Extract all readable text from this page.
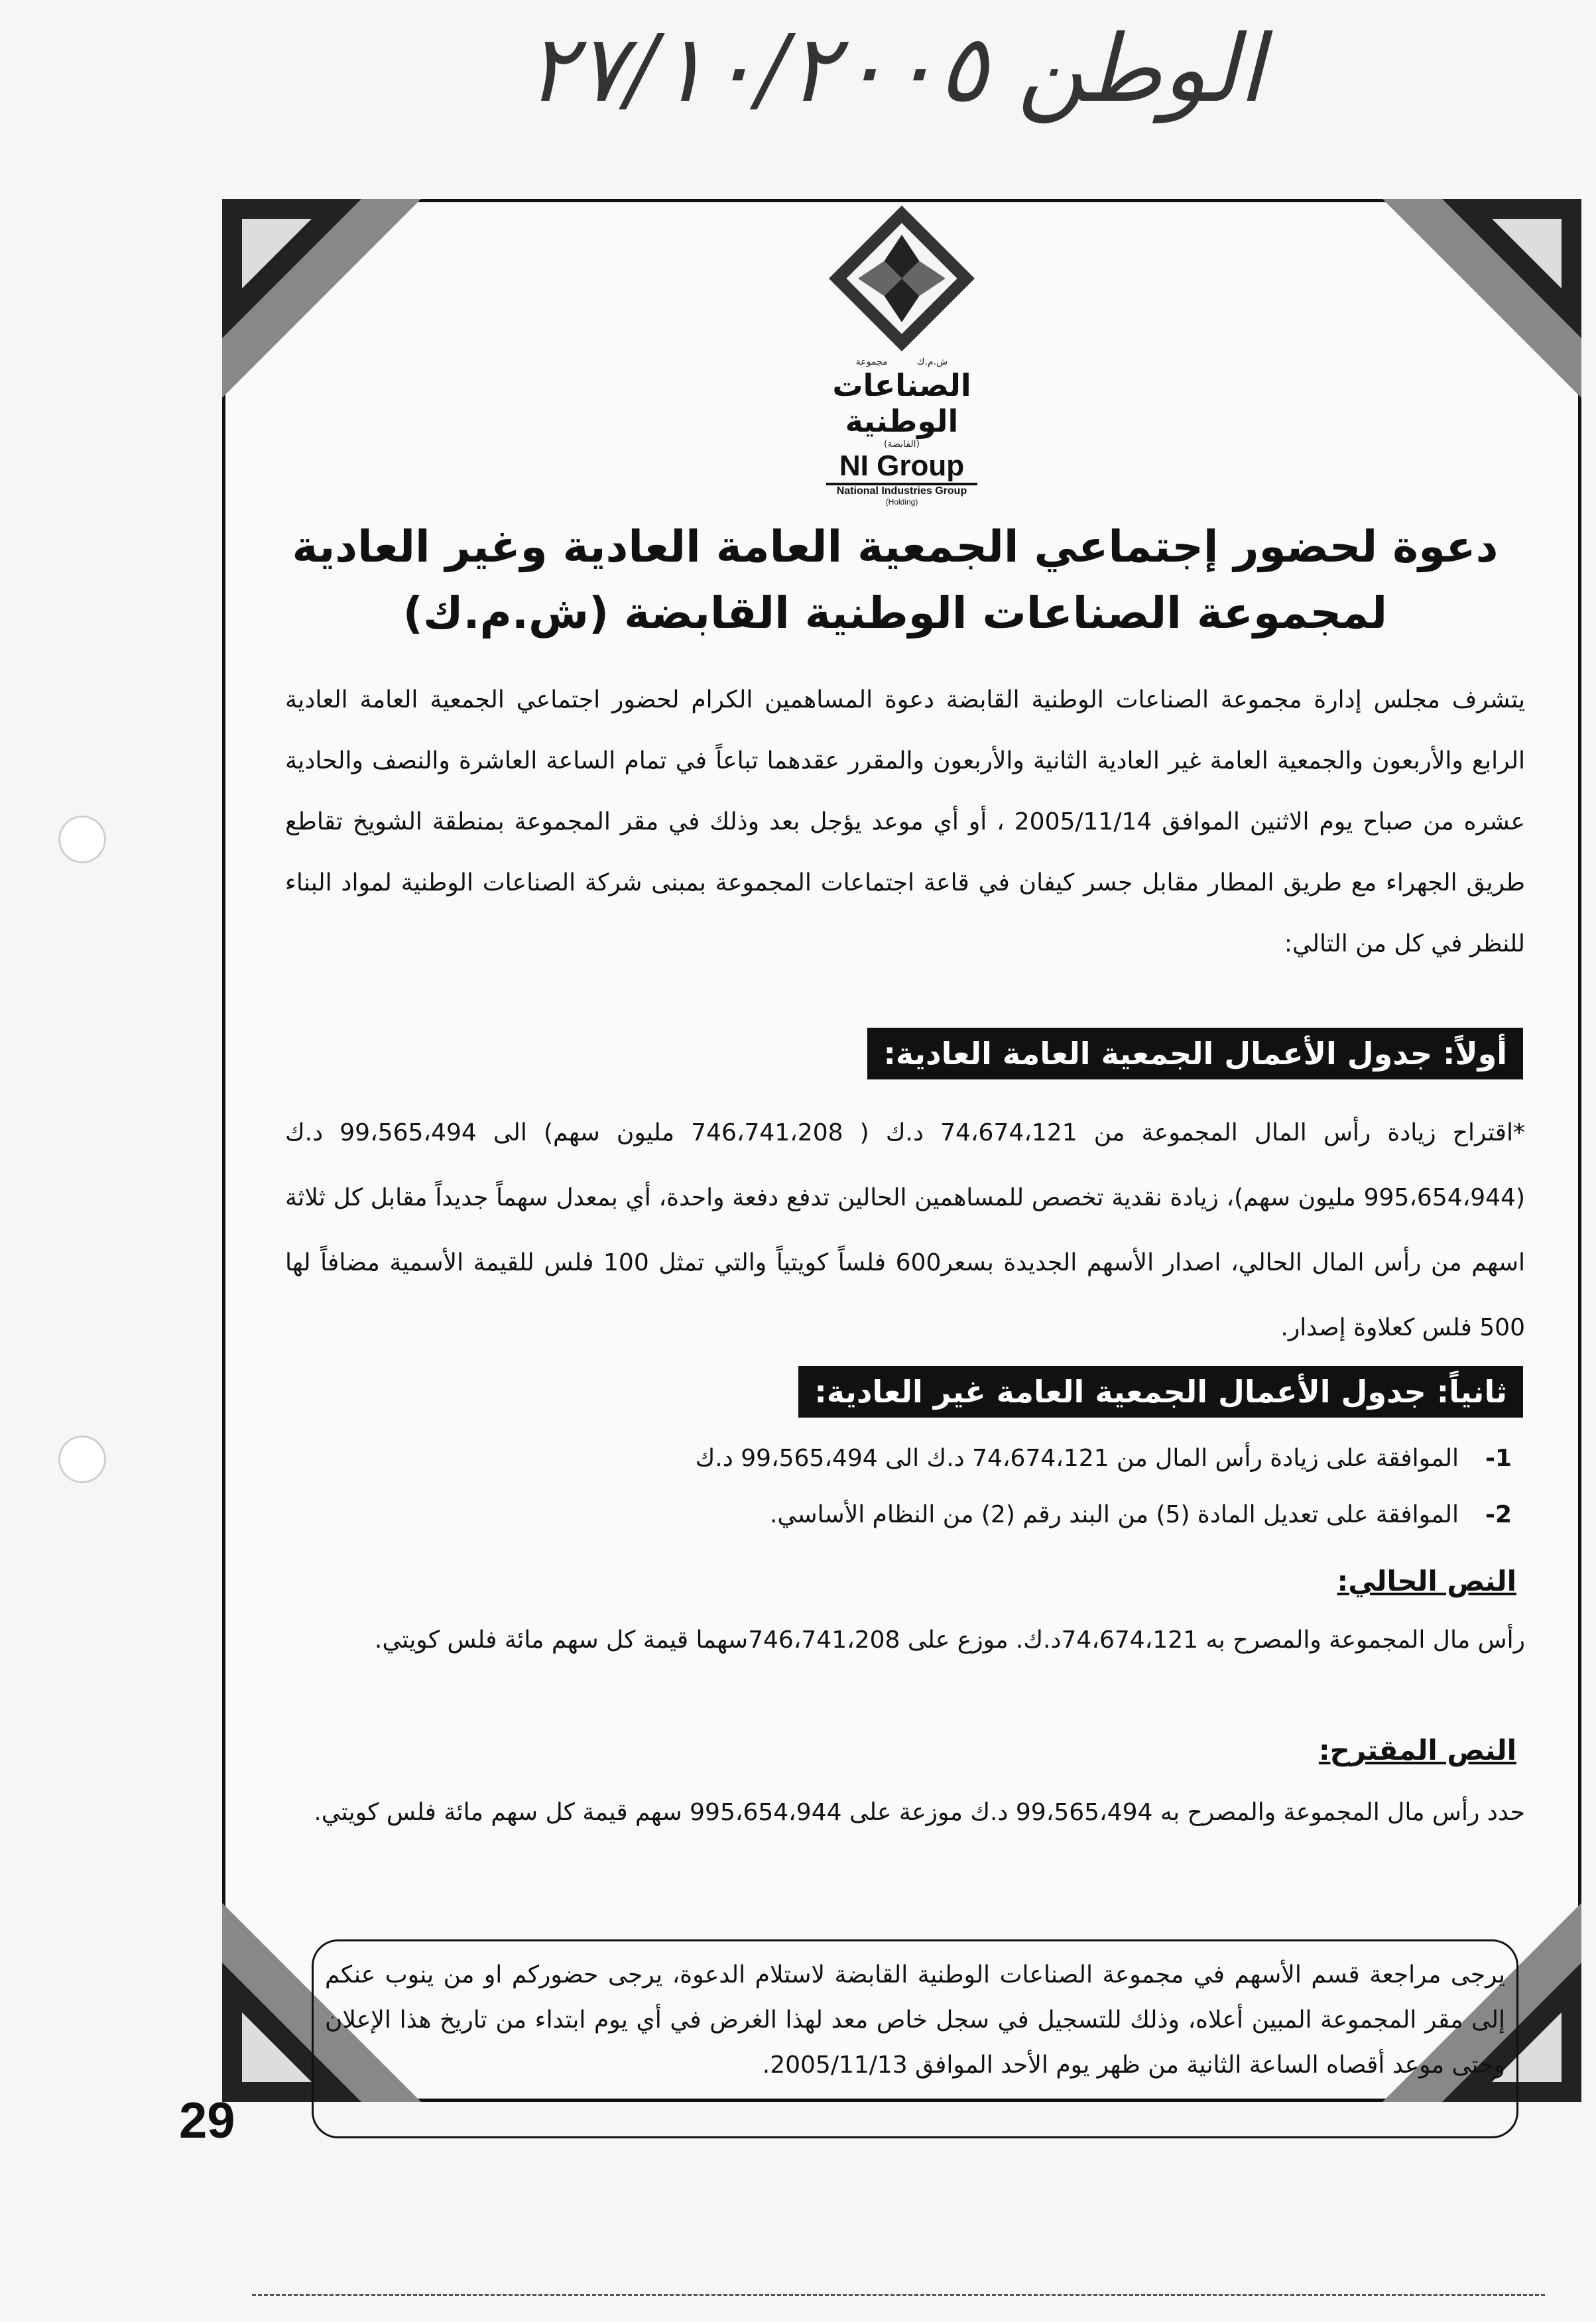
الوطن ٢٧/١٠/٢٠٠٥
ش.م.ك          مجموعة
الصناعات الوطنية
(القابضة)
NI Group
National Industries Group
(Holding)
دعوة لحضور إجتماعي الجمعية العامة العادية وغير العادية
لمجموعة الصناعات الوطنية القابضة (ش.م.ك)
يتشرف مجلس إدارة مجموعة الصناعات الوطنية القابضة دعوة المساهمين الكرام لحضور اجتماعي الجمعية العامة العادية الرابع والأربعون والجمعية العامة غير العادية الثانية والأربعون والمقرر عقدهما تباعاً في تمام الساعة العاشرة والنصف والحادية عشره من صباح يوم الاثنين الموافق 2005/11/14 ، أو أي موعد يؤجل بعد وذلك في مقر المجموعة بمنطقة الشويخ تقاطع طريق الجهراء مع طريق المطار مقابل جسر كيفان في قاعة اجتماعات المجموعة بمبنى شركة الصناعات الوطنية لمواد البناء للنظر في كل من التالي:
أولاً: جدول الأعمال الجمعية العامة العادية:
*اقتراح زيادة رأس المال المجموعة من 74،674،121 د.ك ( 746،741،208 مليون سهم) الى 99،565،494 د.ك (995،654،944 مليون سهم)، زيادة نقدية تخصص للمساهمين الحالين تدفع دفعة واحدة، أي بمعدل سهماً جديداً مقابل كل ثلاثة اسهم من رأس المال الحالي، اصدار الأسهم الجديدة بسعر600 فلساً كويتياً والتي تمثل 100 فلس للقيمة الأسمية مضافاً لها 500 فلس كعلاوة إصدار.
ثانياً: جدول الأعمال الجمعية العامة غير العادية:
1-الموافقة على زيادة رأس المال من 74،674،121 د.ك الى 99،565،494 د.ك
2-الموافقة على تعديل المادة (5) من البند رقم (2) من النظام الأساسي.
النص الحالي:
رأس مال المجموعة والمصرح به 74،674،121د.ك. موزع على 746،741،208سهما قيمة كل سهم مائة فلس كويتي.
النص المقترح:
حدد رأس مال المجموعة والمصرح به 99،565،494 د.ك موزعة على 995،654،944 سهم قيمة كل سهم مائة فلس كويتي.
يرجى مراجعة قسم الأسهم في مجموعة الصناعات الوطنية القابضة لاستلام الدعوة، يرجى حضوركم او من ينوب عنكم إلى مقر المجموعة المبين أعلاه، وذلك للتسجيل في سجل خاص معد لهذا الغرض في أي يوم ابتداء من تاريخ هذا الإعلان وحتى موعد أقصاه الساعة الثانية من ظهر يوم الأحد الموافق 2005/11/13.
29
